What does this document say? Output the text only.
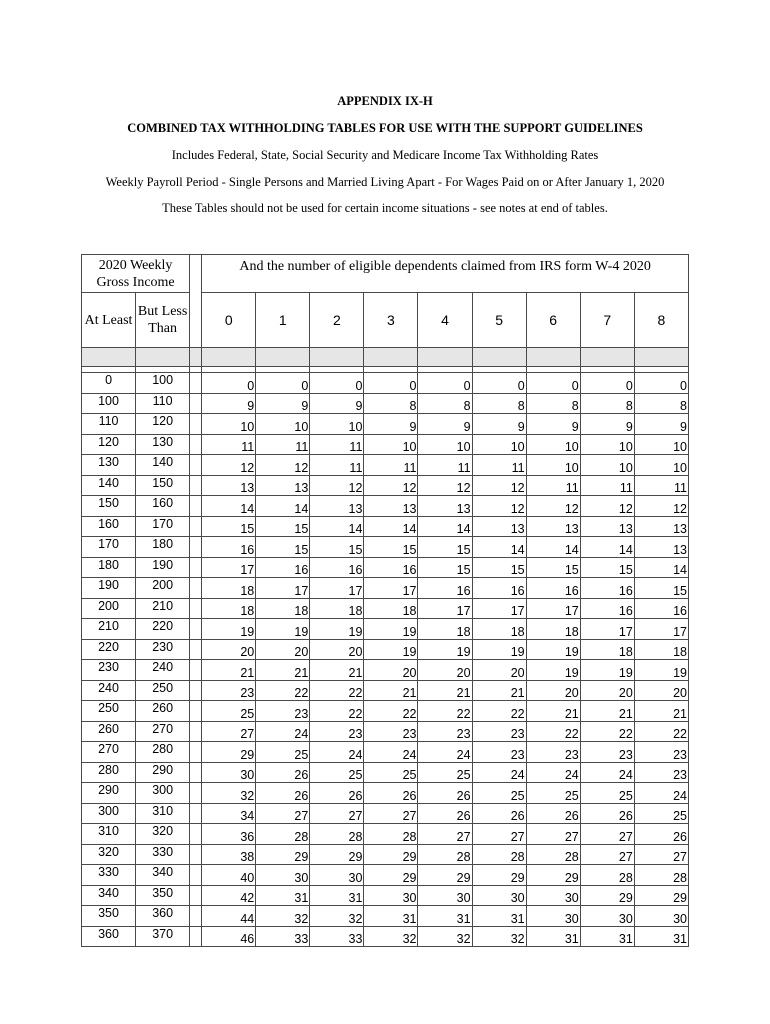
APPENDIX IX-H
COMBINED TAX WITHHOLDING TABLES FOR USE WITH THE SUPPORT GUIDELINES
Includes Federal, State, Social Security and Medicare Income Tax Withholding Rates
Weekly Payroll Period - Single Persons and Married Living Apart - For Wages Paid on or After January 1, 2020
These Tables should not be used for certain income situations - see notes at end of tables.
2020 Weekly Gross Income			And the number of eligible dependents claimed from IRS form W-4 2020								
At Least	But Less Than		0	1	2	3	4	5	6	7	8

0	100		0	0	0	0	0	0	0	0	0
100	110		9	9	9	8	8	8	8	8	8
110	120		10	10	10	9	9	9	9	9	9
120	130		11	11	11	10	10	10	10	10	10
130	140		12	12	11	11	11	11	10	10	10
140	150		13	13	12	12	12	12	11	11	11
150	160		14	14	13	13	13	12	12	12	12
160	170		15	15	14	14	14	13	13	13	13
170	180		16	15	15	15	15	14	14	14	13
180	190		17	16	16	16	15	15	15	15	14
190	200		18	17	17	17	16	16	16	16	15
200	210		18	18	18	18	17	17	17	16	16
210	220		19	19	19	19	18	18	18	17	17
220	230		20	20	20	19	19	19	19	18	18
230	240		21	21	21	20	20	20	19	19	19
240	250		23	22	22	21	21	21	20	20	20
250	260		25	23	22	22	22	22	21	21	21
260	270		27	24	23	23	23	23	22	22	22
270	280		29	25	24	24	24	23	23	23	23
280	290		30	26	25	25	25	24	24	24	23
290	300		32	26	26	26	26	25	25	25	24
300	310		34	27	27	27	26	26	26	26	25
310	320		36	28	28	28	27	27	27	27	26
320	330		38	29	29	29	28	28	28	27	27
330	340		40	30	30	29	29	29	29	28	28
340	350		42	31	31	30	30	30	30	29	29
350	360		44	32	32	31	31	31	30	30	30
360	370		46	33	33	32	32	32	31	31	31
